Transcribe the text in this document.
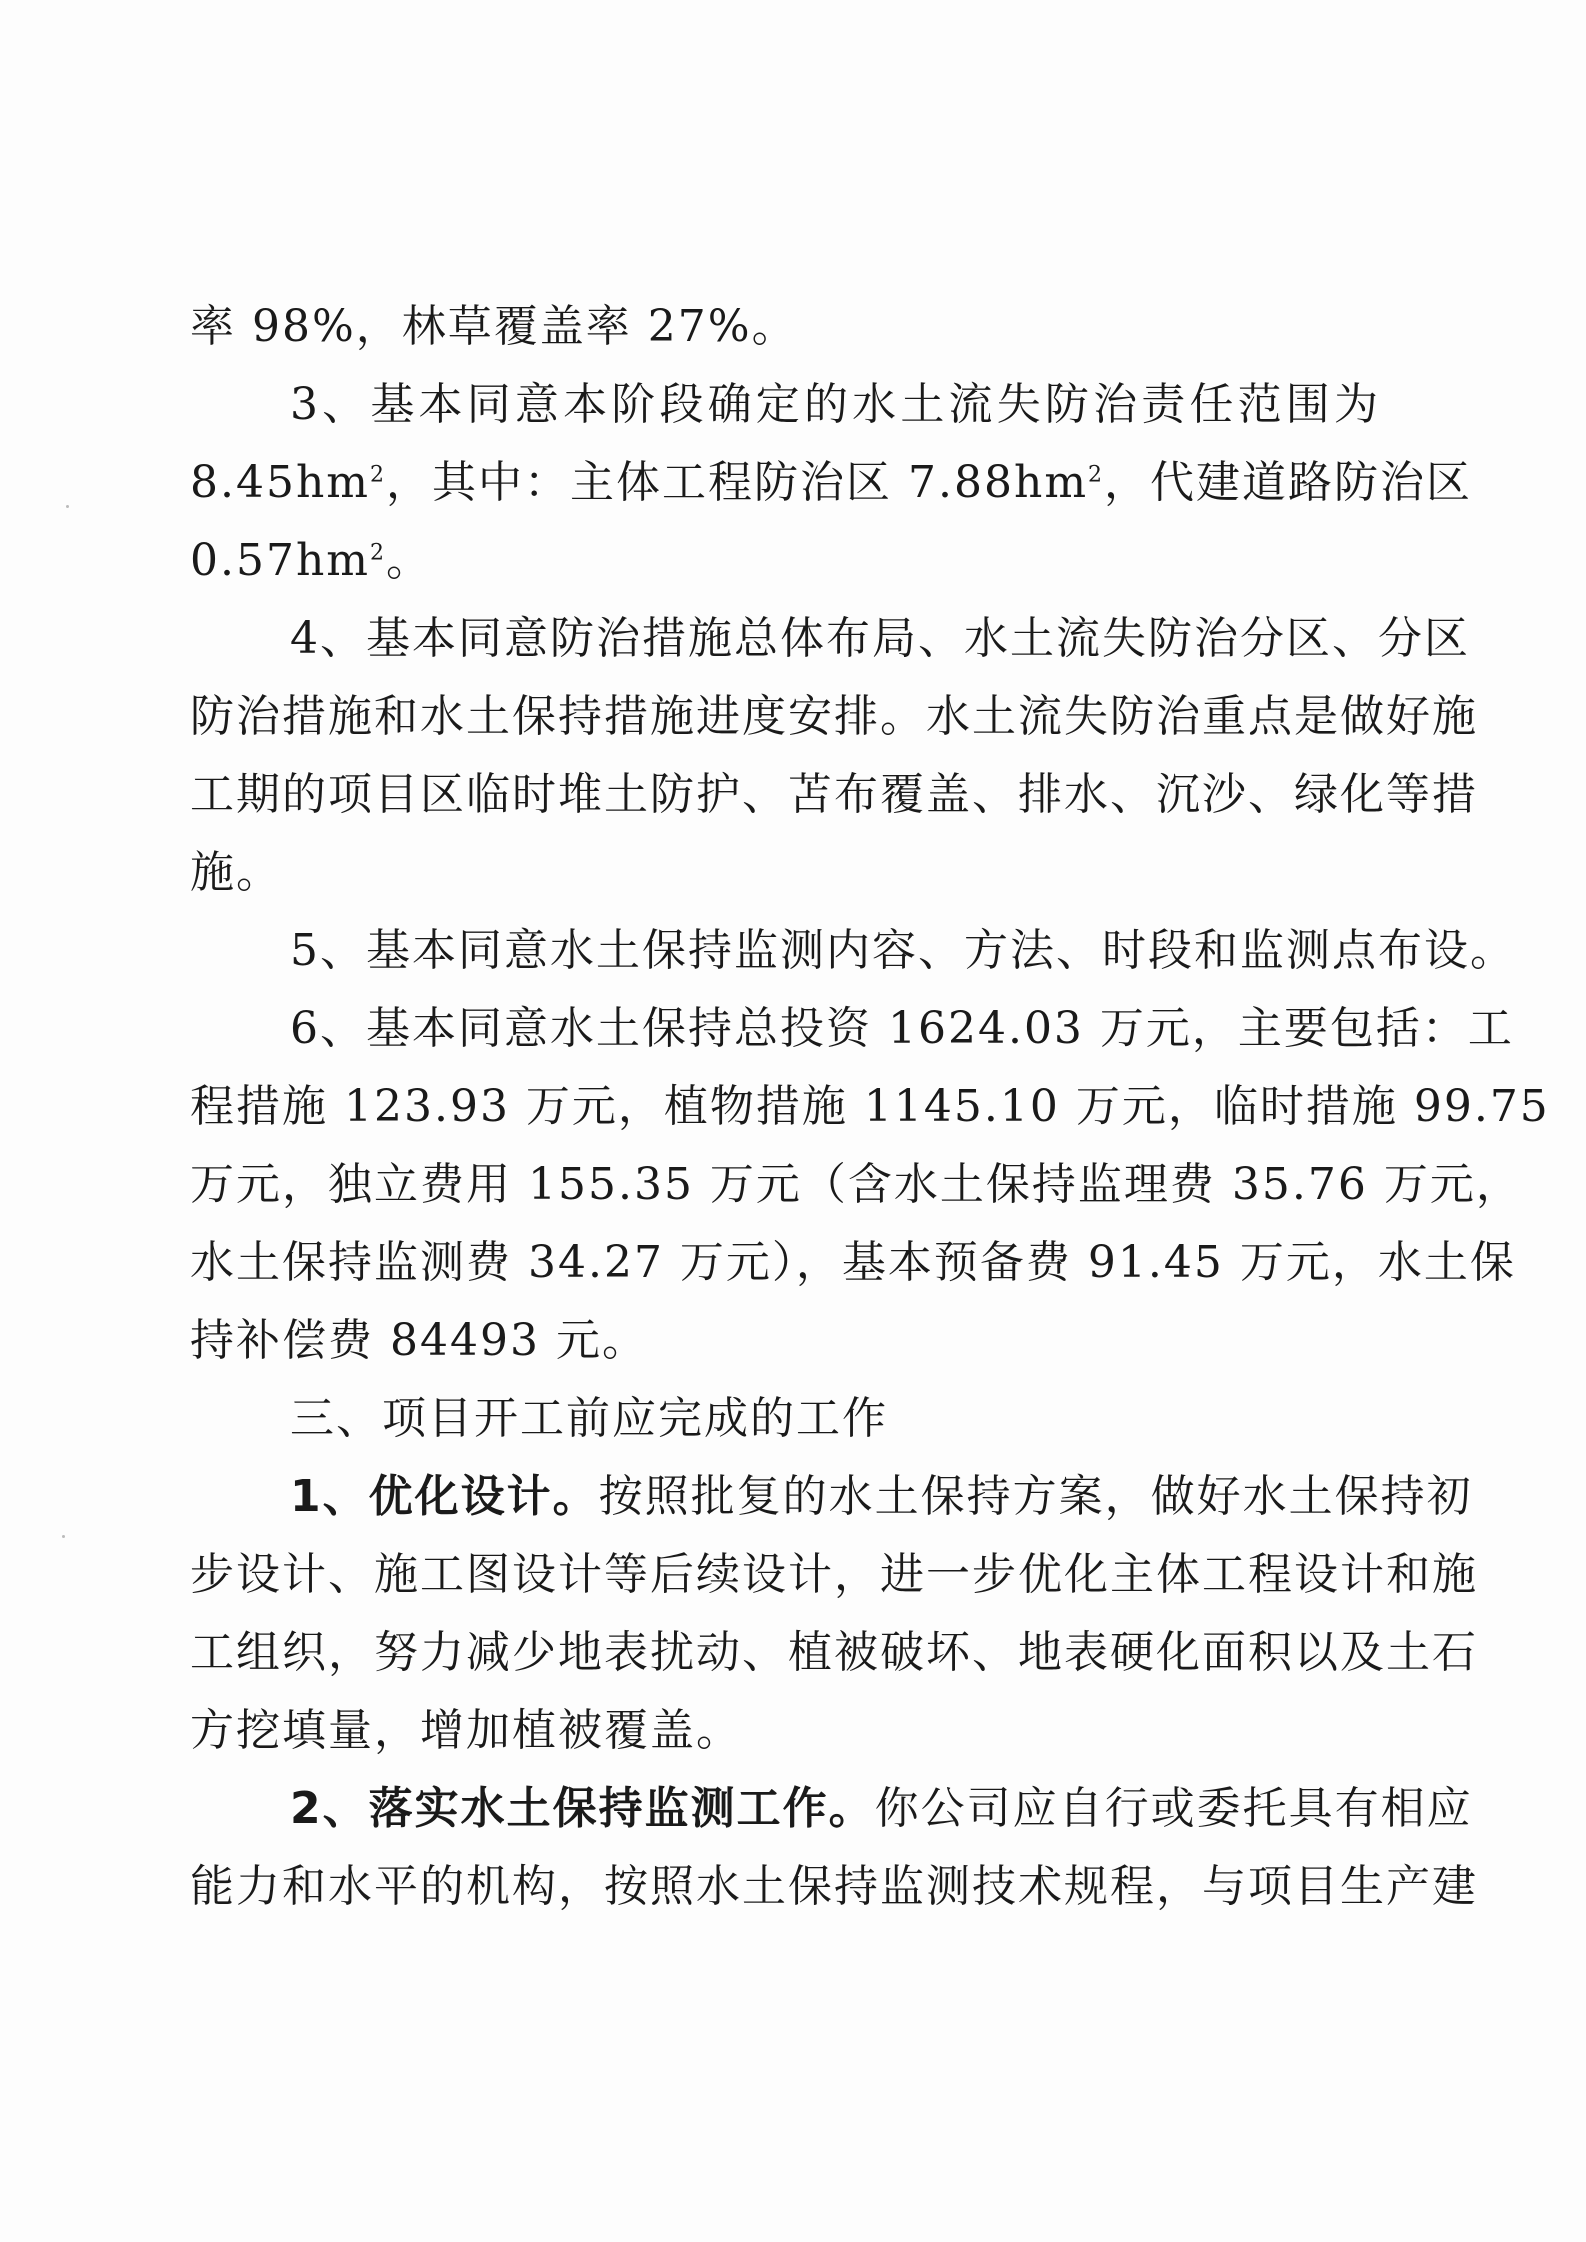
率 98%，林草覆盖率 27%。
3、基本同意本阶段确定的水土流失防治责任范围为
$8.45hm^2$，其中：主体工程防治区 $7.88hm^2$，代建道路防治区
$0.57hm^2$。
4、基本同意防治措施总体布局、水土流失防治分区、分区
防治措施和水土保持措施进度安排。水土流失防治重点是做好施
工期的项目区临时堆土防护、苫布覆盖、排水、沉沙、绿化等措
施。
5、基本同意水土保持监测内容、方法、时段和监测点布设。
6、基本同意水土保持总投资 1624.03 万元，主要包括：工
程措施 123.93 万元，植物措施 1145.10 万元，临时措施 99.75
万元，独立费用 155.35 万元（含水土保持监理费 35.76 万元，
水土保持监测费 34.27 万元），基本预备费 91.45 万元，水土保
持补偿费 84493 元。
三、项目开工前应完成的工作
1、优化设计。按照批复的水土保持方案，做好水土保持初
步设计、施工图设计等后续设计，进一步优化主体工程设计和施
工组织，努力减少地表扰动、植被破坏、地表硬化面积以及土石
方挖填量，增加植被覆盖。
2、落实水土保持监测工作。你公司应自行或委托具有相应
能力和水平的机构，按照水土保持监测技术规程，与项目生产建
